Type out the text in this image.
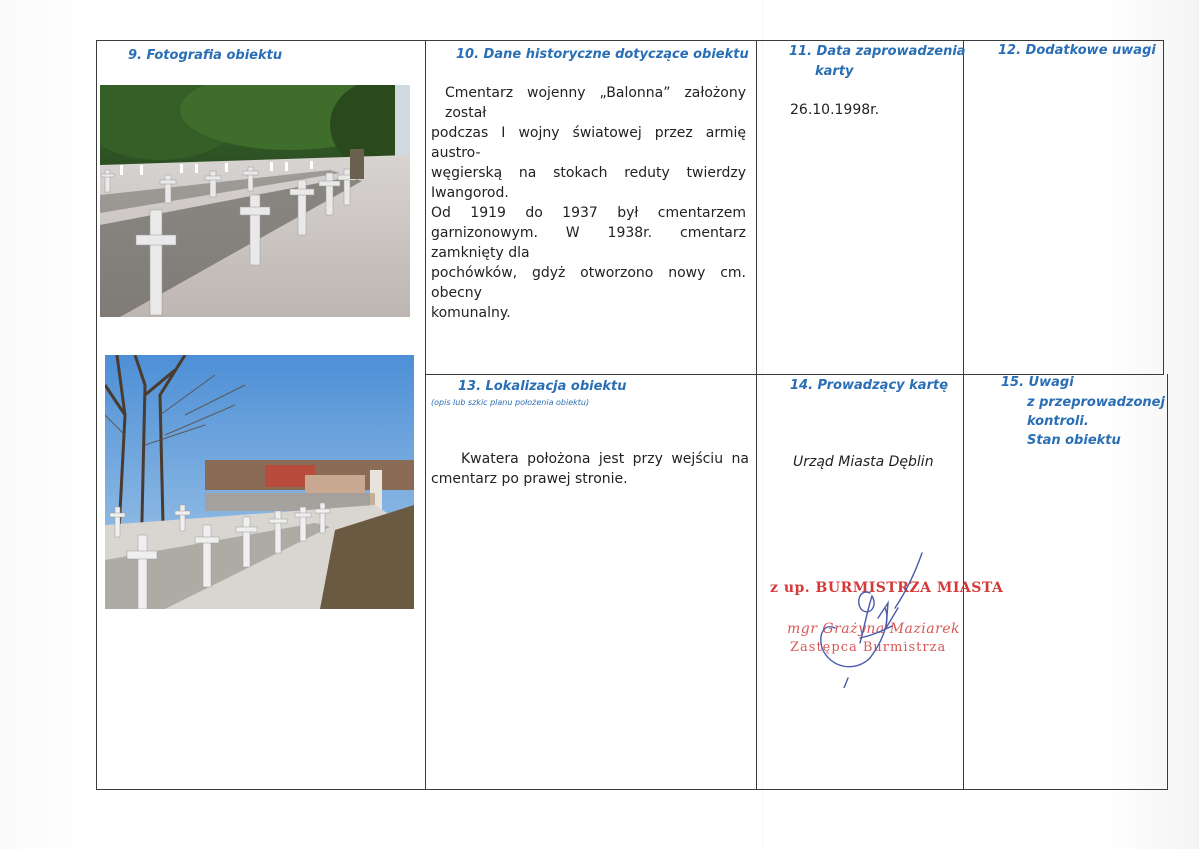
9. Fotografia obiektu	10. Dane historyczne dotyczące obiektu
Cmentarz wojenny „Balonna” założony został
podczas I wojny światowej przez armię austro-
węgierską na stokach reduty twierdzy Iwangorod.
Od 1919 do 1937 był cmentarzem
garnizonowym. W 1938r. cmentarz zamknięty dla
pochówków, gdyż otworzono nowy cm. obecny
komunalny.
11. Data zaprowadzenia
karty
26.10.1998r.
12. Dodatkowe uwagi
13. Lokalizacja obiektu
(opis lub szkic planu położenia obiektu)
Kwatera położona jest przy wejściu na
cmentarz po prawej stronie.
14. Prowadzący kartę
Urząd Miasta Dęblin
z up. BURMISTRZA MIASTA
mgr Grażyna Maziarek
Zastępca Burmistrza
15. Uwagi
z przeprowadzonej
kontroli.
Stan obiektu
